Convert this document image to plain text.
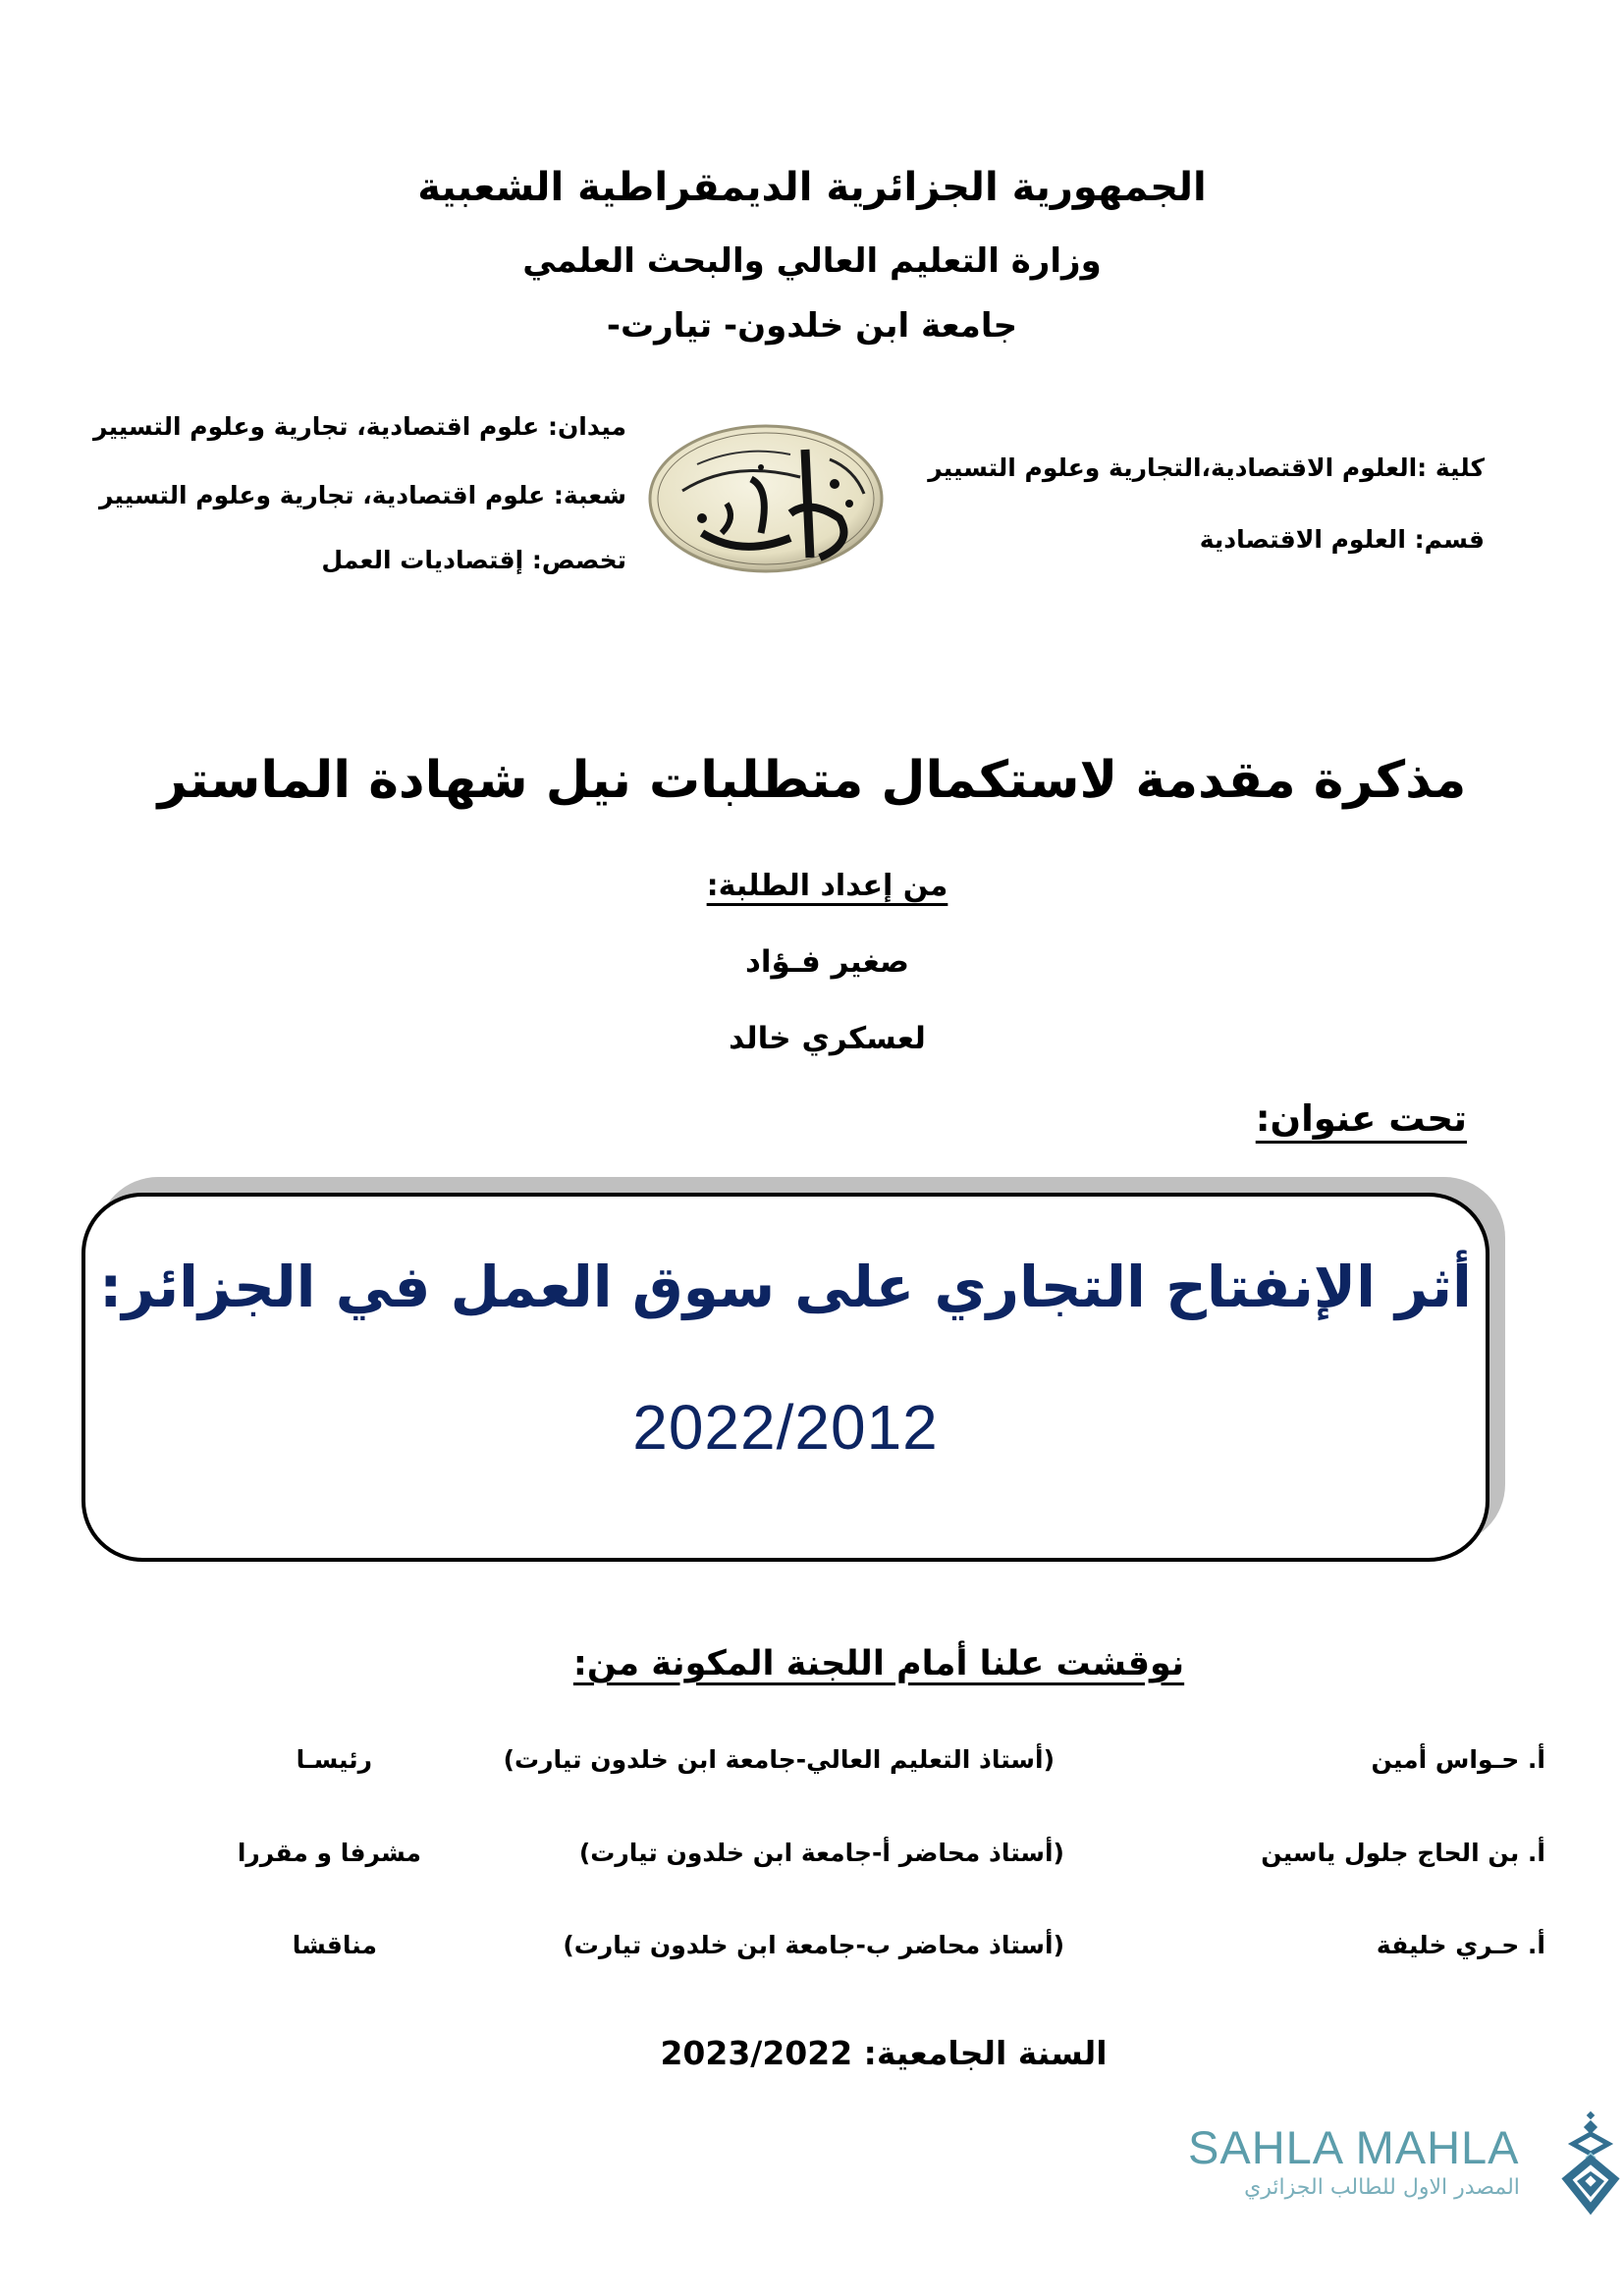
الجمهورية الجزائرية الديمقراطية الشعبية
وزارة التعليم العالي والبحث العلمي
جامعة ابن خلدون- تيارت-
ميدان: علوم اقتصادية، تجارية وعلوم التسيير
شعبة: علوم اقتصادية، تجارية وعلوم التسيير
تخصص: إقتصاديات العمل
كلية :العلوم الاقتصادية،التجارية وعلوم التسيير
قسم: العلوم الاقتصادية
مذكرة مقدمة لاستكمال متطلبات نيل شهادة الماستر
من إعداد الطلبة:
صغير فـؤاد
لعسكري خالد
تحت عنوان:
أثر الإنفتاح التجاري على سوق العمل في الجزائر:
2022/2012
نوقشت علنا أمام اللجنة المكونة من:
أ. حـواس أمين
(أستاذ التعليم العالي-جامعة ابن خلدون تيارت)
رئيسـا
أ. بن الحاج جلول ياسين
(أستاذ محاضر أ-جامعة ابن خلدون تيارت)
مشرفا و مقررا
أ. حـري خليفة
(أستاذ محاضر ب-جامعة ابن خلدون تيارت)
مناقشا
السنة الجامعية: 2023/2022
SAHLA MAHLA
المصدر الاول للطالب الجزائري
